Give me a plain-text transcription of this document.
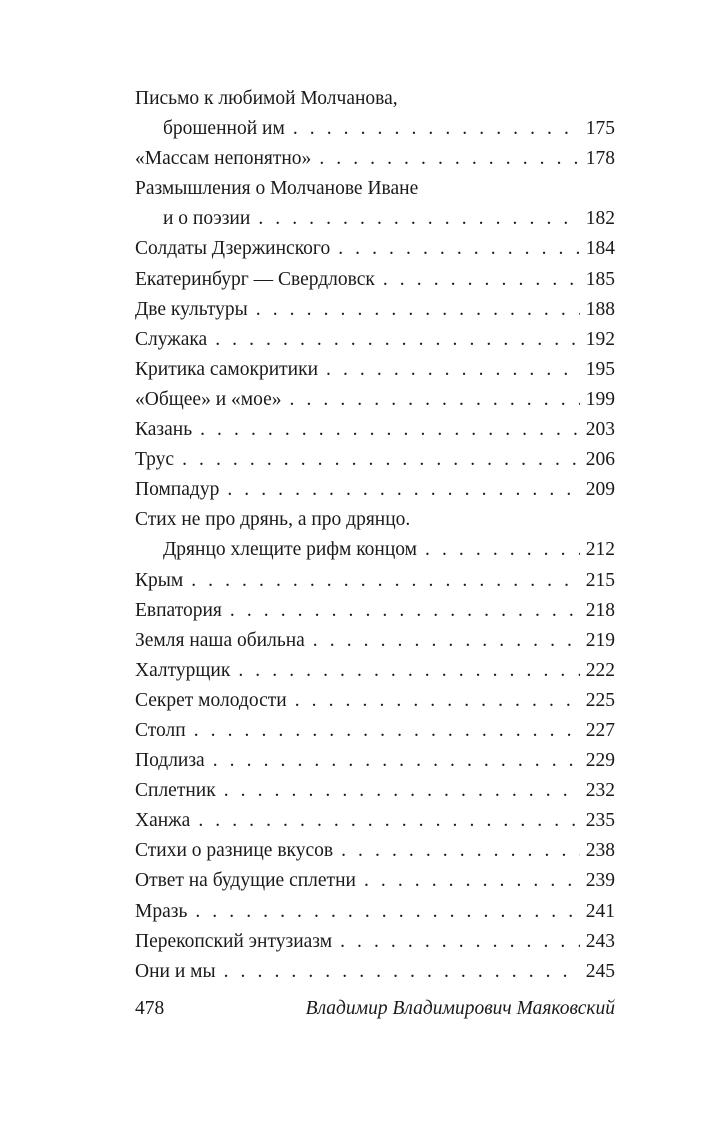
Письмо к любимой Молчанова,
брошенной им . . .	175
«Массам непонятно» . . .	178
Размышления о Молчанове Иване
и о поэзии . . .	182
Солдаты Дзержинского . . .	184
Екатеринбург — Свердловск . . .	185
Две культуры . . .	188
Служака . . .	192
Критика самокритики . . .	195
«Общее» и «мое» . . .	199
Казань . . .	203
Трус . . .	206
Помпадур . . .	209
Стих не про дрянь, а про дрянцо.
Дрянцо хлещите рифм концом . . .	212
Крым . . .	215
Евпатория . . .	218
Земля наша обильна . . .	219
Халтурщик . . .	222
Секрет молодости . . .	225
Столп . . .	227
Подлиза . . .	229
Сплетник . . .	232
Ханжа . . .	235
Стихи о разнице вкусов . . .	238
Ответ на будущие сплетни . . .	239
Мразь . . .	241
Перекопский энтузиазм . . .	243
Они и мы . . .	245
478	Владимир Владимирович Маяковский
